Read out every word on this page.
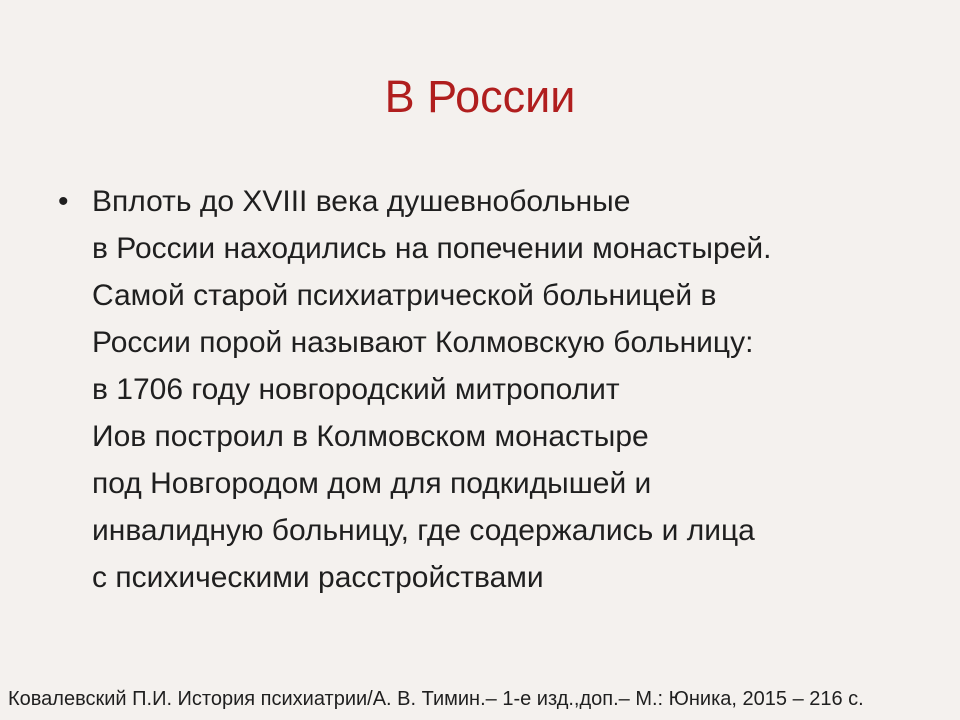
В России
• Вплоть до XVIII века душевнобольные
в России находились на попечении монастырей.
Самой старой психиатрической больницей в
России порой называют Колмовскую больницу:
в 1706 году новгородский митрополит
Иов построил в Колмовском монастыре
под Новгородом дом для подкидышей и
инвалидную больницу, где содержались и лица
с психическими расстройствами
Ковалевский П.И. История психиатрии/А. В. Тимин.– 1-е изд.,доп.– М.: Юника, 2015 – 216 с.
